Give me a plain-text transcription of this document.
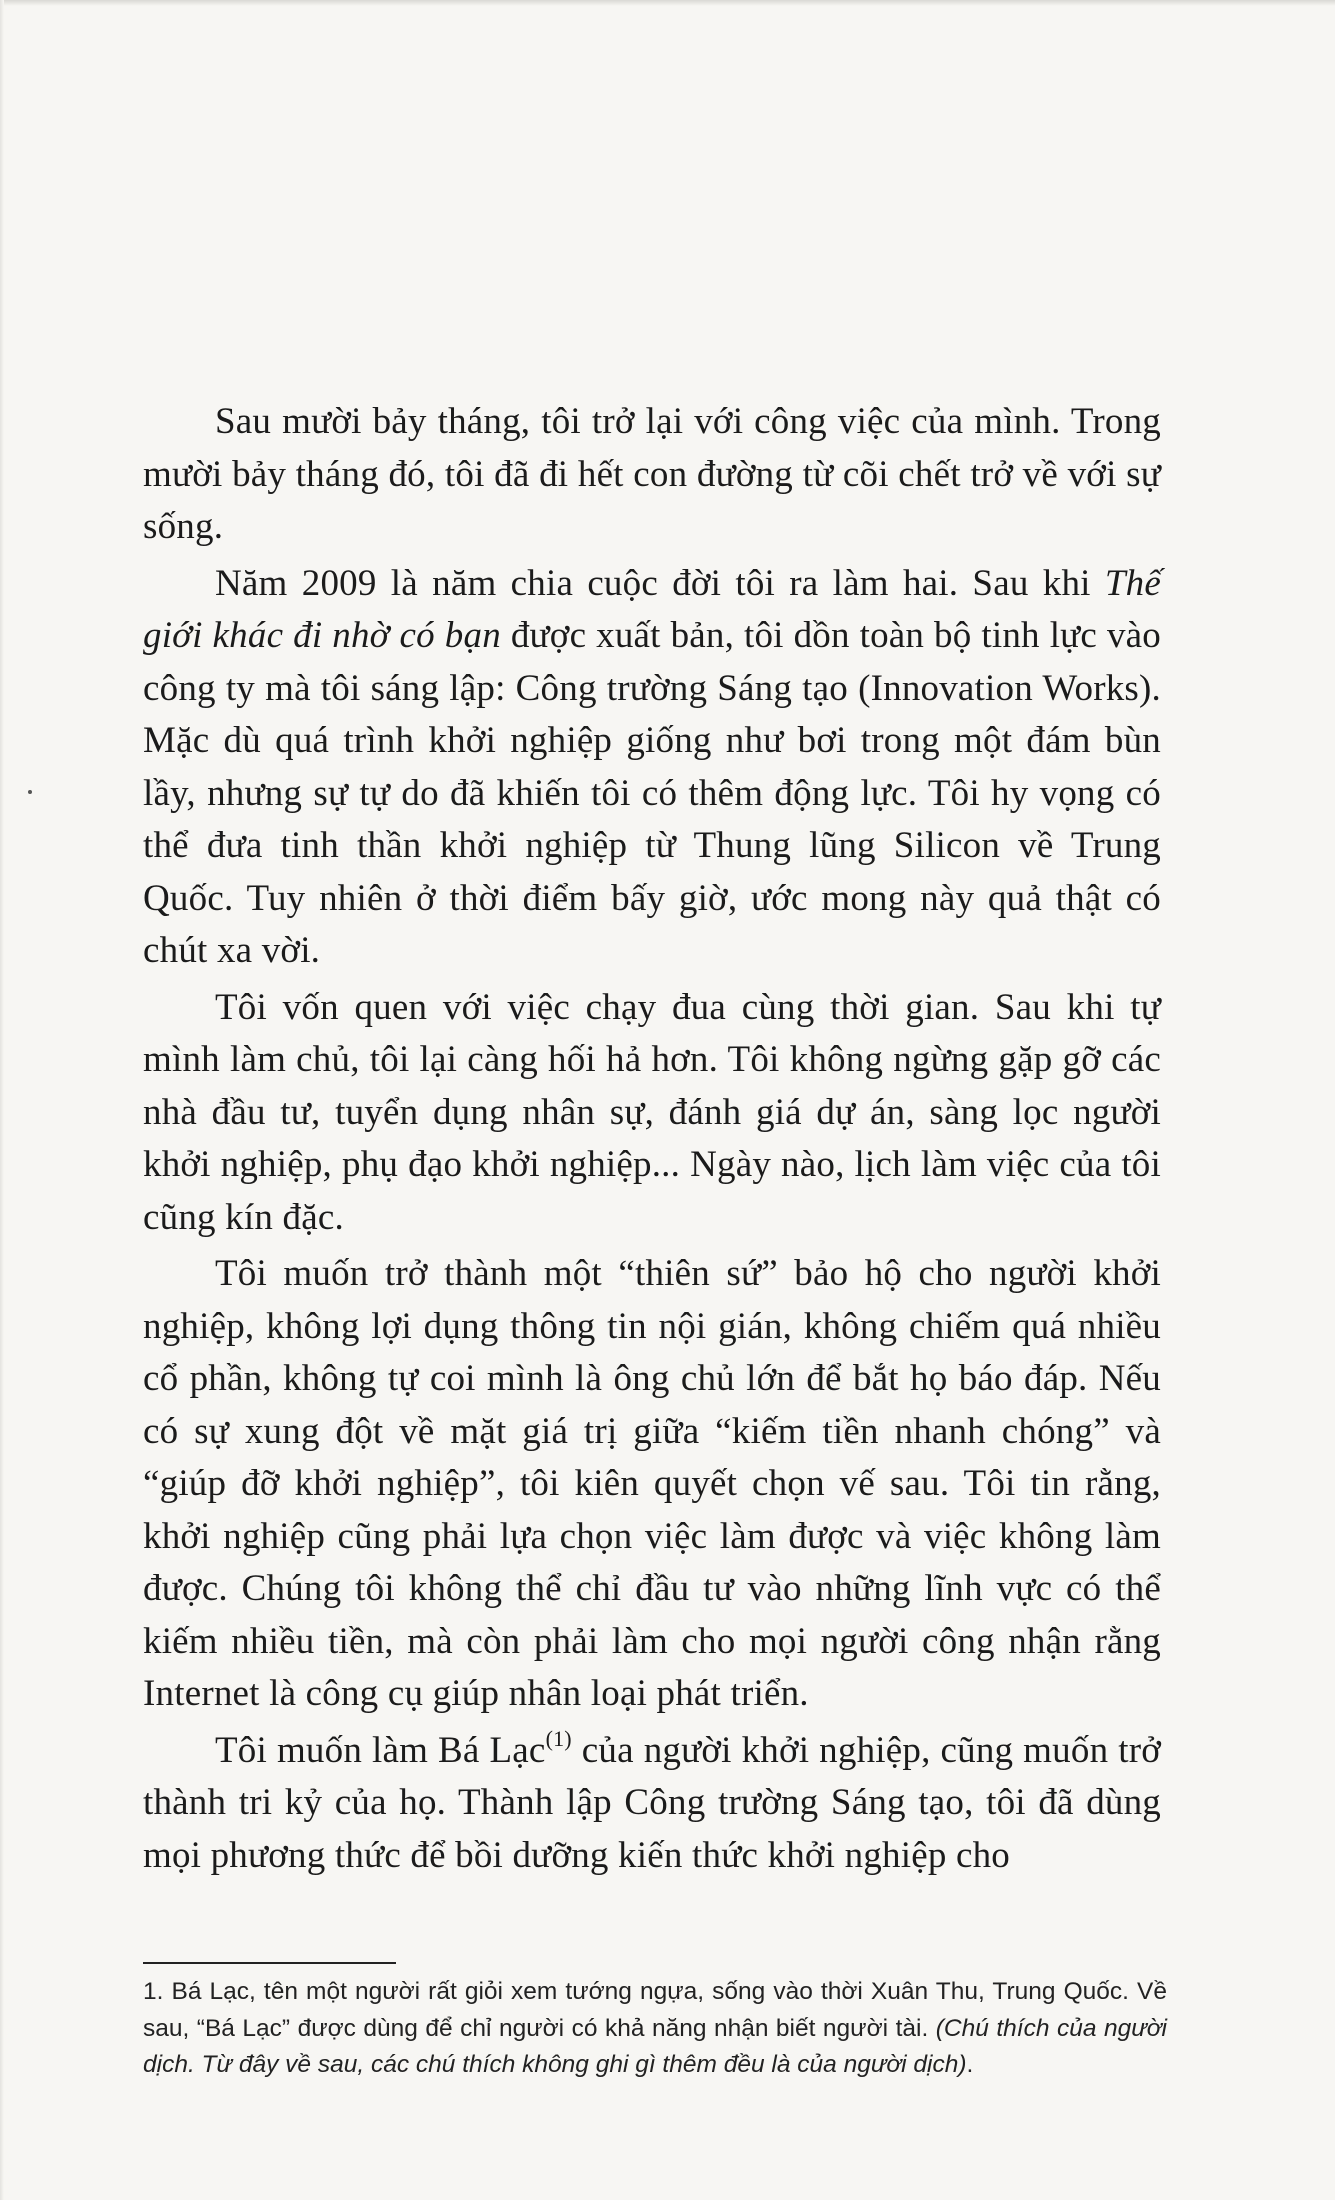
Sau mười bảy tháng, tôi trở lại với công việc của mình. Trong mười bảy tháng đó, tôi đã đi hết con đường từ cõi chết trở về với sự sống.

Năm 2009 là năm chia cuộc đời tôi ra làm hai. Sau khi Thế giới khác đi nhờ có bạn được xuất bản, tôi dồn toàn bộ tinh lực vào công ty mà tôi sáng lập: Công trường Sáng tạo (Innovation Works). Mặc dù quá trình khởi nghiệp giống như bơi trong một đám bùn lầy, nhưng sự tự do đã khiến tôi có thêm động lực. Tôi hy vọng có thể đưa tinh thần khởi nghiệp từ Thung lũng Silicon về Trung Quốc. Tuy nhiên ở thời điểm bấy giờ, ước mong này quả thật có chút xa vời.

Tôi vốn quen với việc chạy đua cùng thời gian. Sau khi tự mình làm chủ, tôi lại càng hối hả hơn. Tôi không ngừng gặp gỡ các nhà đầu tư, tuyển dụng nhân sự, đánh giá dự án, sàng lọc người khởi nghiệp, phụ đạo khởi nghiệp... Ngày nào, lịch làm việc của tôi cũng kín đặc.

Tôi muốn trở thành một “thiên sứ” bảo hộ cho người khởi nghiệp, không lợi dụng thông tin nội gián, không chiếm quá nhiều cổ phần, không tự coi mình là ông chủ lớn để bắt họ báo đáp. Nếu có sự xung đột về mặt giá trị giữa “kiếm tiền nhanh chóng” và “giúp đỡ khởi nghiệp”, tôi kiên quyết chọn vế sau. Tôi tin rằng, khởi nghiệp cũng phải lựa chọn việc làm được và việc không làm được. Chúng tôi không thể chỉ đầu tư vào những lĩnh vực có thể kiếm nhiều tiền, mà còn phải làm cho mọi người công nhận rằng Internet là công cụ giúp nhân loại phát triển.

Tôi muốn làm Bá Lạc$^{(1)}$ của người khởi nghiệp, cũng muốn trở thành tri kỷ của họ. Thành lập Công trường Sáng tạo, tôi đã dùng mọi phương thức để bồi dưỡng kiến thức khởi nghiệp cho

1. Bá Lạc, tên một người rất giỏi xem tướng ngựa, sống vào thời Xuân Thu, Trung Quốc. Về sau, “Bá Lạc” được dùng để chỉ người có khả năng nhận biết người tài. (Chú thích của người dịch. Từ đây về sau, các chú thích không ghi gì thêm đều là của người dịch).
